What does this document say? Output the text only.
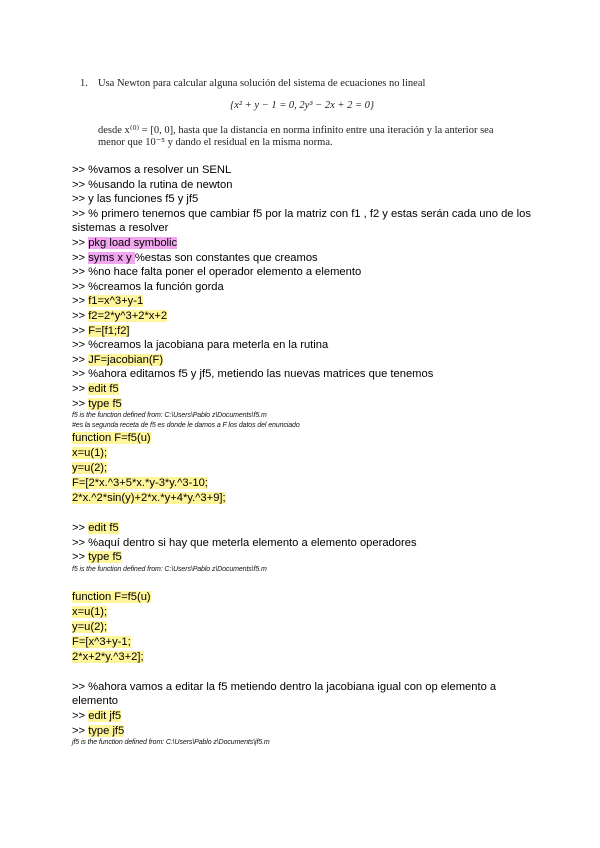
1. Usa Newton para calcular alguna solución del sistema de ecuaciones no lineal
{x² + y − 1 = 0, 2y³ − 2x + 2 = 0}
desde x⁽⁰⁾ = [0, 0], hasta que la distancia en norma infinito entre una iteración y la anterior sea
menor que 10⁻⁵ y dando el residual en la misma norma.
>> %vamos a resolver un SENL
>> %usando la rutina de newton
>> y las funciones f5 y jf5
>> % primero tenemos que cambiar f5 por la matriz con f1 , f2 y estas serán cada uno de los sistemas a resolver
>> pkg load symbolic
>> syms x y %estas son constantes que creamos
>> %no hace falta poner el operador elemento a elemento
>> %creamos la función gorda
>> f1=x^3+y-1
>> f2=2*y^3+2*x+2
>> F=[f1;f2]
>> %creamos la jacobiana para meterla en la rutina
>> JF=jacobian(F)
>> %ahora editamos f5 y jf5, metiendo las nuevas matrices que tenemos
>> edit f5
>> type f5
f5 is the function defined from: C:\Users\Pablo z\Documents\f5.m
#es la segunda receta de f5 es donde le damos a F los datos del enunciado
function F=f5(u)
x=u(1);
y=u(2);
F=[2*x.^3+5*x.*y-3*y.^3-10;
2*x.^2*sin(y)+2*x.*y+4*y.^3+9];
>> edit f5
>> %aquí dentro si hay que meterla elemento a elemento operadores
>> type f5
f5 is the function defined from: C:\Users\Pablo z\Documents\f5.m
function F=f5(u)
x=u(1);
y=u(2);
F=[x^3+y-1;
2*x+2*y.^3+2];
>> %ahora vamos a editar la f5 metiendo dentro la jacobiana igual con op elemento a elemento
>> edit jf5
>> type jf5
jf5 is the function defined from: C:\Users\Pablo z\Documents\jf5.m
